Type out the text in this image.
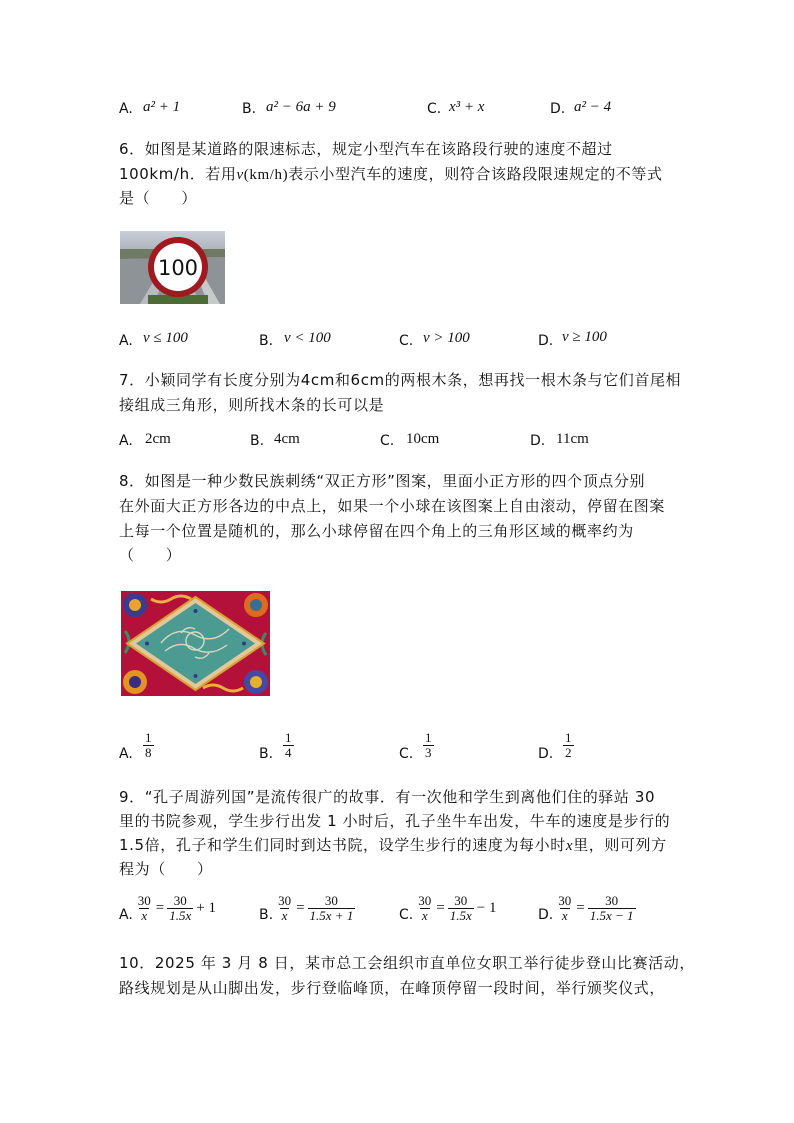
A. a² + 1	B. a² − 6a + 9	C. x³ + x	D. a² − 4
6．如图是某道路的限速标志，规定小型汽车在该路段行驶的速度不超过
100km/h．若用v(km/h)表示小型汽车的速度，则符合该路段限速规定的不等式
是（　　）
100
A. v ≤ 100	B. v < 100	C. v > 100	D. v ≥ 100
7．小颖同学有长度分别为4cm和6cm的两根木条，想再找一根木条与它们首尾相
接组成三角形，则所找木条的长可以是
A. 2cm	B. 4cm	C. 10cm	D. 11cm
8．如图是一种少数民族刺绣“双正方形”图案，里面小正方形的四个顶点分别
在外面大正方形各边的中点上，如果一个小球在该图案上自由滚动，停留在图案
上每一个位置是随机的，那么小球停留在四个角上的三角形区域的概率约为
（　　）
A. $\frac{1}{8}$	B. $\frac{1}{4}$	C. $\frac{1}{3}$	D. $\frac{1}{2}$
9．“孔子周游列国”是流传很广的故事．有一次他和学生到离他们住的驿站 30
里的书院参观，学生步行出发 1 小时后，孔子坐牛车出发，牛车的速度是步行的
1.5倍，孔子和学生们同时到达书院，设学生步行的速度为每小时x里，则可列方
程为（　　）
A. $\frac{30}{x} = \frac{30}{1.5x} + 1$	B. $\frac{30}{x} = \frac{30}{1.5x + 1}$	C. $\frac{30}{x} = \frac{30}{1.5x} - 1$	D. $\frac{30}{x} = \frac{30}{1.5x - 1}$
10．2025 年 3 月 8 日，某市总工会组织市直单位女职工举行徒步登山比赛活动，
路线规划是从山脚出发，步行登临峰顶，在峰顶停留一段时间，举行颁奖仪式，
